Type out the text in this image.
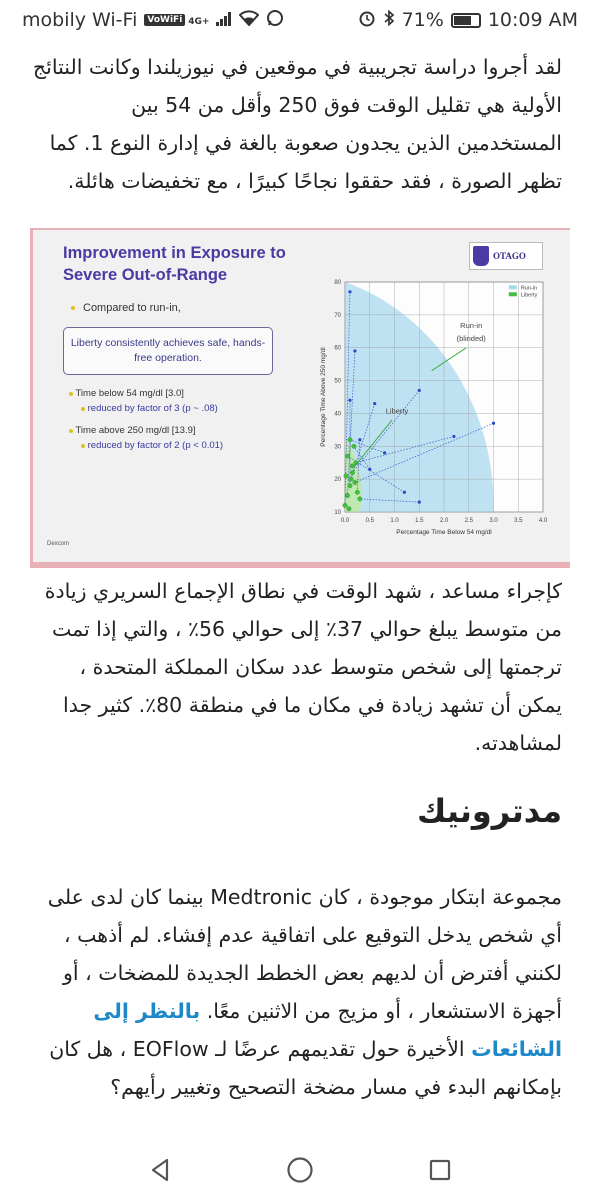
mobily Wi-Fi	VoWiFi 4G+	71% 10:09 AM

لقد أجروا دراسة تجريبية في موقعين في نيوزيلندا وكانت النتائج الأولية هي تقليل الوقت فوق 250 وأقل من 54 بين المستخدمين الذين يجدون صعوبة بالغة في إدارة النوع 1. كما تظهر الصورة ، فقد حققوا نجاحًا كبيرًا ، مع تخفيضات هائلة.

Improvement in Exposure to
Severe Out-of-Range
Compared to run-in,
Liberty consistently achieves safe, hands-free operation.
Time below 54 mg/dl [3.0]
reduced by factor of 3 (p ~ .08)
Time above 250 mg/dl [13.9]
reduced by factor of 2 (p < 0.01)
OTAGO
Dexcom
0.0	0.5	1.0	1.5	2.0	2.5	3.0	3.5	4.0
10
20
30
40
50
60
70
80
Run-in
(blinded)
Liberty
Run-in
Liberty
Percentage Time Below 54 mg/dl
Percentage Time Above 250 mg/dl

كإجراء مساعد ، شهد الوقت في نطاق الإجماع السريري زيادة من متوسط يبلغ حوالي 37٪ إلى حوالي 56٪ ، والتي إذا تمت ترجمتها إلى شخص متوسط عدد سكان المملكة المتحدة ، يمكن أن تشهد زيادة في مكان ما في منطقة 80٪. كثير جدا لمشاهدته.

مدترونيك

مجموعة ابتكار موجودة ، كان Medtronic بينما كان لدى على أي شخص يدخل التوقيع على اتفاقية عدم إفشاء. لم أذهب ، لكنني أفترض أن لديهم بعض الخطط الجديدة للمضخات ، أو أجهزة الاستشعار ، أو مزيج من الاثنين معًا. بالنظر إلى الشائعات الأخيرة حول تقديمهم عرضًا لـ EOFlow ، هل كان بإمكانهم البدء في مسار مضخة التصحيح وتغيير رأيهم؟
